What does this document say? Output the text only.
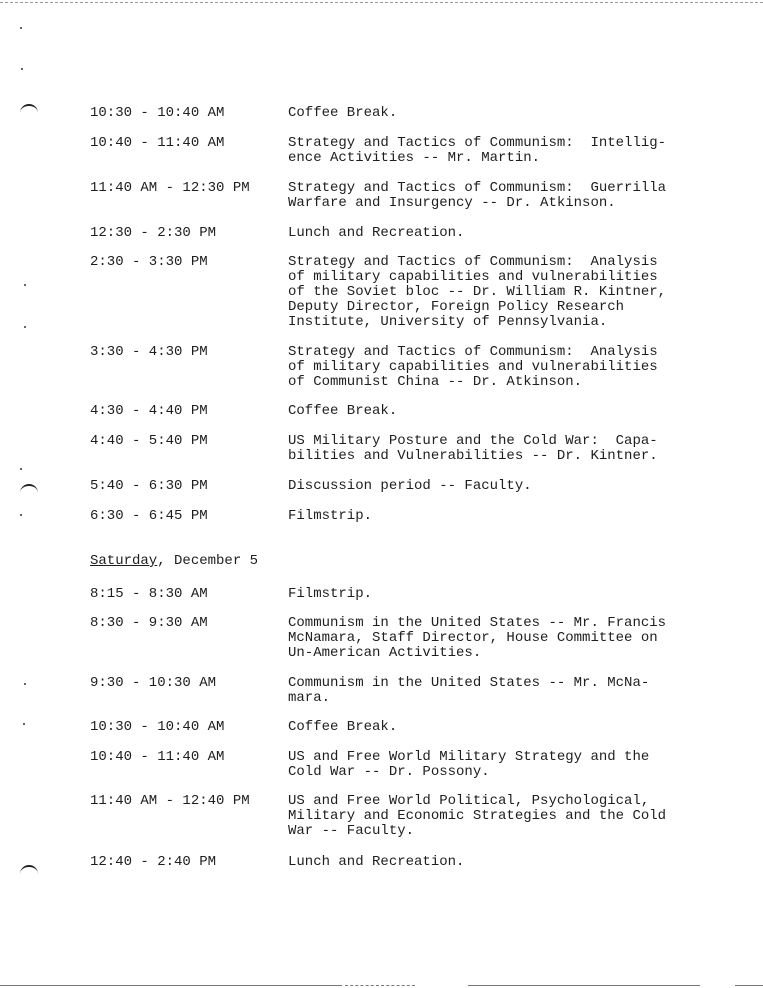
10:30 - 10:40 AM	Coffee Break.
10:40 - 11:40 AM	Strategy and Tactics of Communism:  Intellig-
ence Activities -- Mr. Martin.
11:40 AM - 12:30 PM	Strategy and Tactics of Communism:  Guerrilla
Warfare and Insurgency -- Dr. Atkinson.
12:30 - 2:30 PM	Lunch and Recreation.
2:30 - 3:30 PM	Strategy and Tactics of Communism:  Analysis
of military capabilities and vulnerabilities
of the Soviet bloc -- Dr. William R. Kintner,
Deputy Director, Foreign Policy Research
Institute, University of Pennsylvania.
3:30 - 4:30 PM	Strategy and Tactics of Communism:  Analysis
of military capabilities and vulnerabilities
of Communist China -- Dr. Atkinson.
4:30 - 4:40 PM	Coffee Break.
4:40 - 5:40 PM	US Military Posture and the Cold War:  Capa-
bilities and Vulnerabilities -- Dr. Kintner.
5:40 - 6:30 PM	Discussion period -- Faculty.
6:30 - 6:45 PM	Filmstrip.
Saturday, December 5
8:15 - 8:30 AM	Filmstrip.
8:30 - 9:30 AM	Communism in the United States -- Mr. Francis
McNamara, Staff Director, House Committee on
Un-American Activities.
9:30 - 10:30 AM	Communism in the United States -- Mr. McNa-
mara.
10:30 - 10:40 AM	Coffee Break.
10:40 - 11:40 AM	US and Free World Military Strategy and the
Cold War -- Dr. Possony.
11:40 AM - 12:40 PM	US and Free World Political, Psychological,
Military and Economic Strategies and the Cold
War -- Faculty.
12:40 - 2:40 PM	Lunch and Recreation.
